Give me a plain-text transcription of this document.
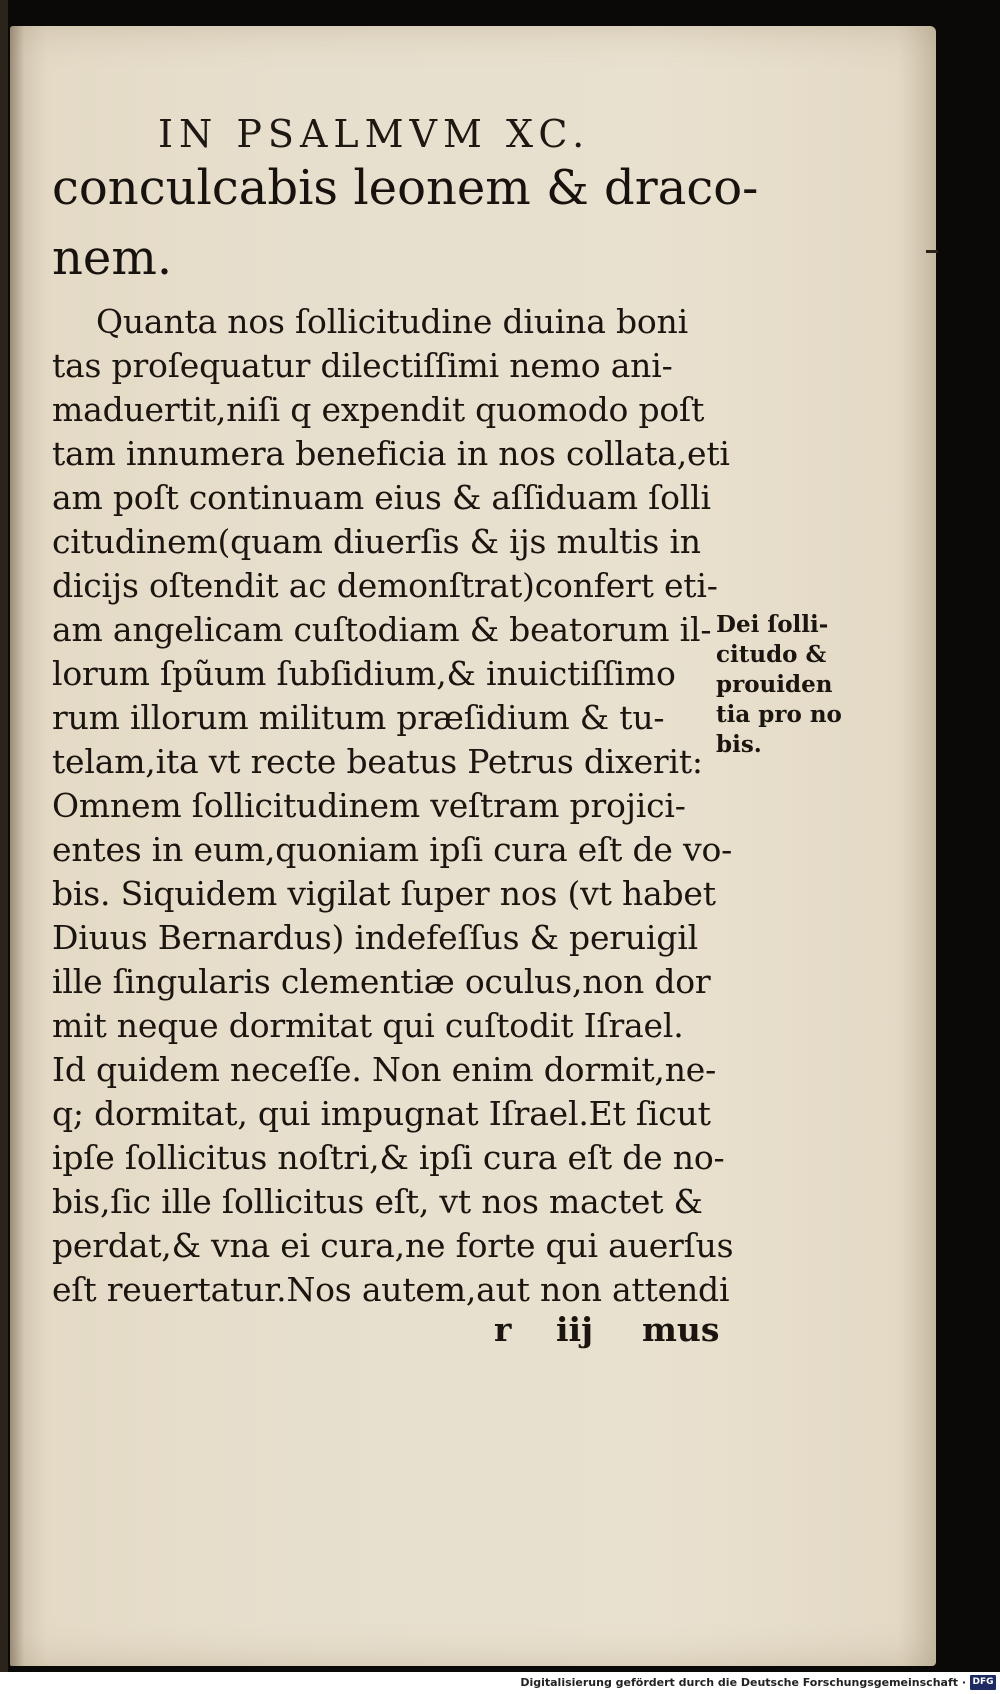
IN PSALMVM XC.
conculcabis leonem & draco-
nem.
Quanta nos ſollicitudine diuina boni
tas proſequatur dilectiſſimi nemo ani-
maduertit,niſi q expendit quomodo poſt
tam innumera beneficia in nos collata,eti
am poſt continuam eius & aſſiduam ſolli
citudinem(quam diuerſis & ijs multis in
dicijs oſtendit ac demonſtrat)confert eti-
am angelicam cuſtodiam & beatorum il-
lorum ſpũum ſubſidium,& inuictiſſimo
rum illorum militum præſidium & tu-
telam,ita vt recte beatus Petrus dixerit:
Omnem ſollicitudinem veſtram projici-
entes in eum,quoniam ipſi cura eſt de vo-
bis. Siquidem vigilat ſuper nos (vt habet
Diuus Bernardus) indefeſſus & peruigil
ille ſingularis clementiæ oculus,non dor
mit neque dormitat qui cuſtodit Iſrael.
Id quidem neceſſe. Non enim dormit,ne-
q; dormitat, qui impugnat Iſrael.Et ſicut
ipſe ſollicitus noſtri,& ipſi cura eſt de no-
bis,ſic ille ſollicitus eſt, vt nos mactet &
perdat,& vna ei cura,ne forte qui auerſus
eſt reuertatur.Nos autem,aut non attendi
Dei ſolli-
citudo &
prouiden
tia pro no
bis.
r iij mus
Digitalisierung gefördert durch die Deutsche Forschungsgemeinschaft · DFG
